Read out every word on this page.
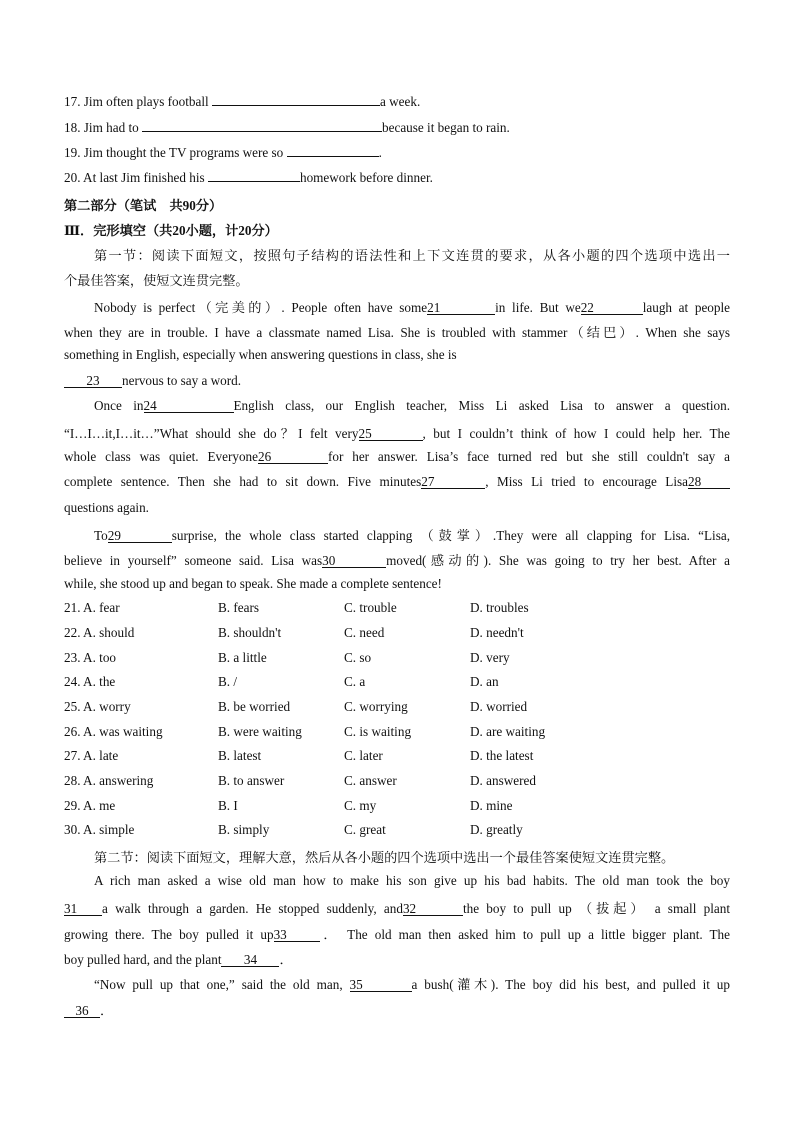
17. Jim often plays football	a week.
18. Jim had to	because it began to rain.
19. Jim thought the TV programs were so	.
20. At last Jim finished his	homework before dinner.
第二部分（笔试　共90分）
Ⅲ．完形填空（共20小题，计20分）
第一节：阅读下面短文，按照句子结构的语法性和上下文连贯的要求，从各小题的四个选项中选出一
个最佳答案，使短文连贯完整。
Nobody is perfect（完美的）. People often have some21	in life. But we22	laugh at people
when they are in trouble. I have a classmate named Lisa. She is troubled with stammer（结巴）. When she says
something in English, especially when answering questions in class, she is
23 nervous to say a word.
Once in24	English class, our English teacher, Miss Li asked Lisa to answer a question.
“I…I…it,I…it…”What should she do？I felt very25	, but I couldn’t think of how I could help her. The
whole class was quiet. Everyone26	for her answer. Lisa’s face turned red but she still couldn't say a
complete sentence. Then she had to sit down. Five minutes27	, Miss Li tried to encourage Lisa28
questions again.
To29	surprise, the whole class started clapping （鼓掌）.They were all clapping for Lisa. “Lisa,
believe in yourself” someone said. Lisa was30	moved(感动的). She was going to try her best. After a
while, she stood up and began to speak. She made a complete sentence!
21. A. fear	B. fears	C. trouble	D. troubles
22. A. should	B. shouldn't	C. need	D. needn't
23. A. too	B. a little	C. so	D. very
24. A. the	B. /	C. a	D. an
25. A. worry	B. be worried	C. worrying	D. worried
26. A. was waiting	B. were waiting	C. is waiting	D. are waiting
27. A. late	B. latest	C. later	D. the latest
28. A. answering	B. to answer	C. answer	D. answered
29. A. me	B. I	C. my	D. mine
30. A. simple	B. simply	C. great	D. greatly
第二节：阅读下面短文，理解大意，然后从各小题的四个选项中选出一个最佳答案使短文连贯完整。
A rich man asked a wise old man how to make his son give up his bad habits. The old man took the boy
31 a walk through a garden. He stopped suddenly, and32	the boy to pull up （拔起） a small plant
growing there. The boy pulled it up33 ． The old man then asked him to pull up a little bigger plant. The
boy pulled hard, and the plant 34 ．
“Now pull up that one,” said the old man, 35	a bush(灌木). The boy did his best, and pulled it up
36 ．
